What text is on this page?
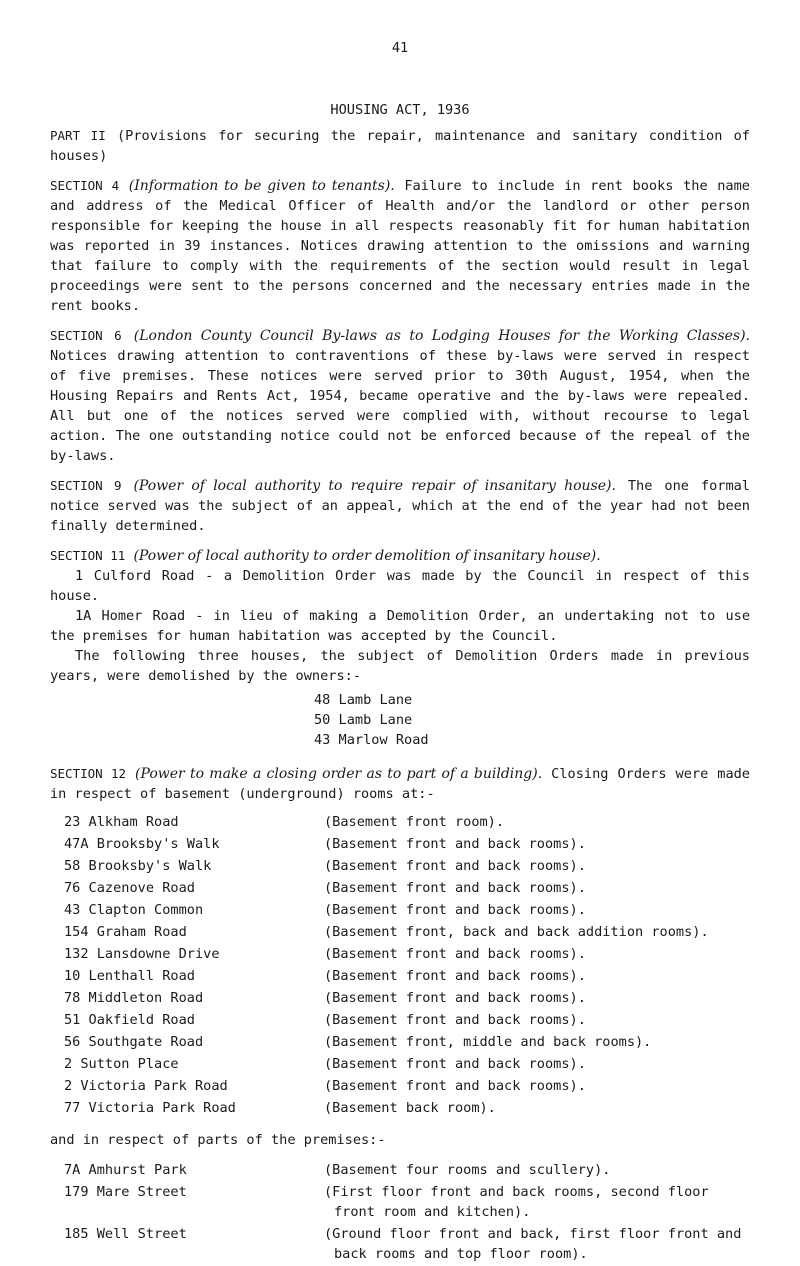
41
HOUSING ACT, 1936

PART II (Provisions for securing the repair, maintenance and sanitary condition of houses)

SECTION 4 (Information to be given to tenants). Failure to include in rent books the name and address of the Medical Officer of Health and/or the landlord or other person responsible for keeping the house in all respects reasonably fit for human habitation was reported in 39 instances. Notices drawing attention to the omissions and warning that failure to comply with the requirements of the section would result in legal proceedings were sent to the persons concerned and the necessary entries made in the rent books.

SECTION 6 (London County Council By-laws as to Lodging Houses for the Working Classes). Notices drawing attention to contraventions of these by-laws were served in respect of five premises. These notices were served prior to 30th August, 1954, when the Housing Repairs and Rents Act, 1954, became operative and the by-laws were repealed. All but one of the notices served were complied with, without recourse to legal action. The one outstanding notice could not be enforced because of the repeal of the by-laws.

SECTION 9 (Power of local authority to require repair of insanitary house). The one formal notice served was the subject of an appeal, which at the end of the year had not been finally determined.

SECTION 11 (Power of local authority to order demolition of insanitary house).

1 Culford Road - a Demolition Order was made by the Council in respect of this house.

1A Homer Road - in lieu of making a Demolition Order, an undertaking not to use the premises for human habitation was accepted by the Council.

The following three houses, the subject of Demolition Orders made in previous years, were demolished by the owners:-

48 Lamb Lane
50 Lamb Lane
43 Marlow Road

SECTION 12 (Power to make a closing order as to part of a building). Closing Orders were made in respect of basement (underground) rooms at:-

23 Alkham Road	(Basement front room).
47A Brooksby's Walk	(Basement front and back rooms).
58 Brooksby's Walk	(Basement front and back rooms).
76 Cazenove Road	(Basement front and back rooms).
43 Clapton Common	(Basement front and back rooms).
154 Graham Road	(Basement front, back and back addition rooms).
132 Lansdowne Drive	(Basement front and back rooms).
10 Lenthall Road	(Basement front and back rooms).
78 Middleton Road	(Basement front and back rooms).
51 Oakfield Road	(Basement front and back rooms).
56 Southgate Road	(Basement front, middle and back rooms).
2 Sutton Place	(Basement front and back rooms).
2 Victoria Park Road	(Basement front and back rooms).
77 Victoria Park Road	(Basement back room).

and in respect of parts of the premises:-

7A Amhurst Park	(Basement four rooms and scullery).
179 Mare Street	(First floor front and back rooms, second floor front room and kitchen).
185 Well Street	(Ground floor front and back, first floor front and back rooms and top floor room).
